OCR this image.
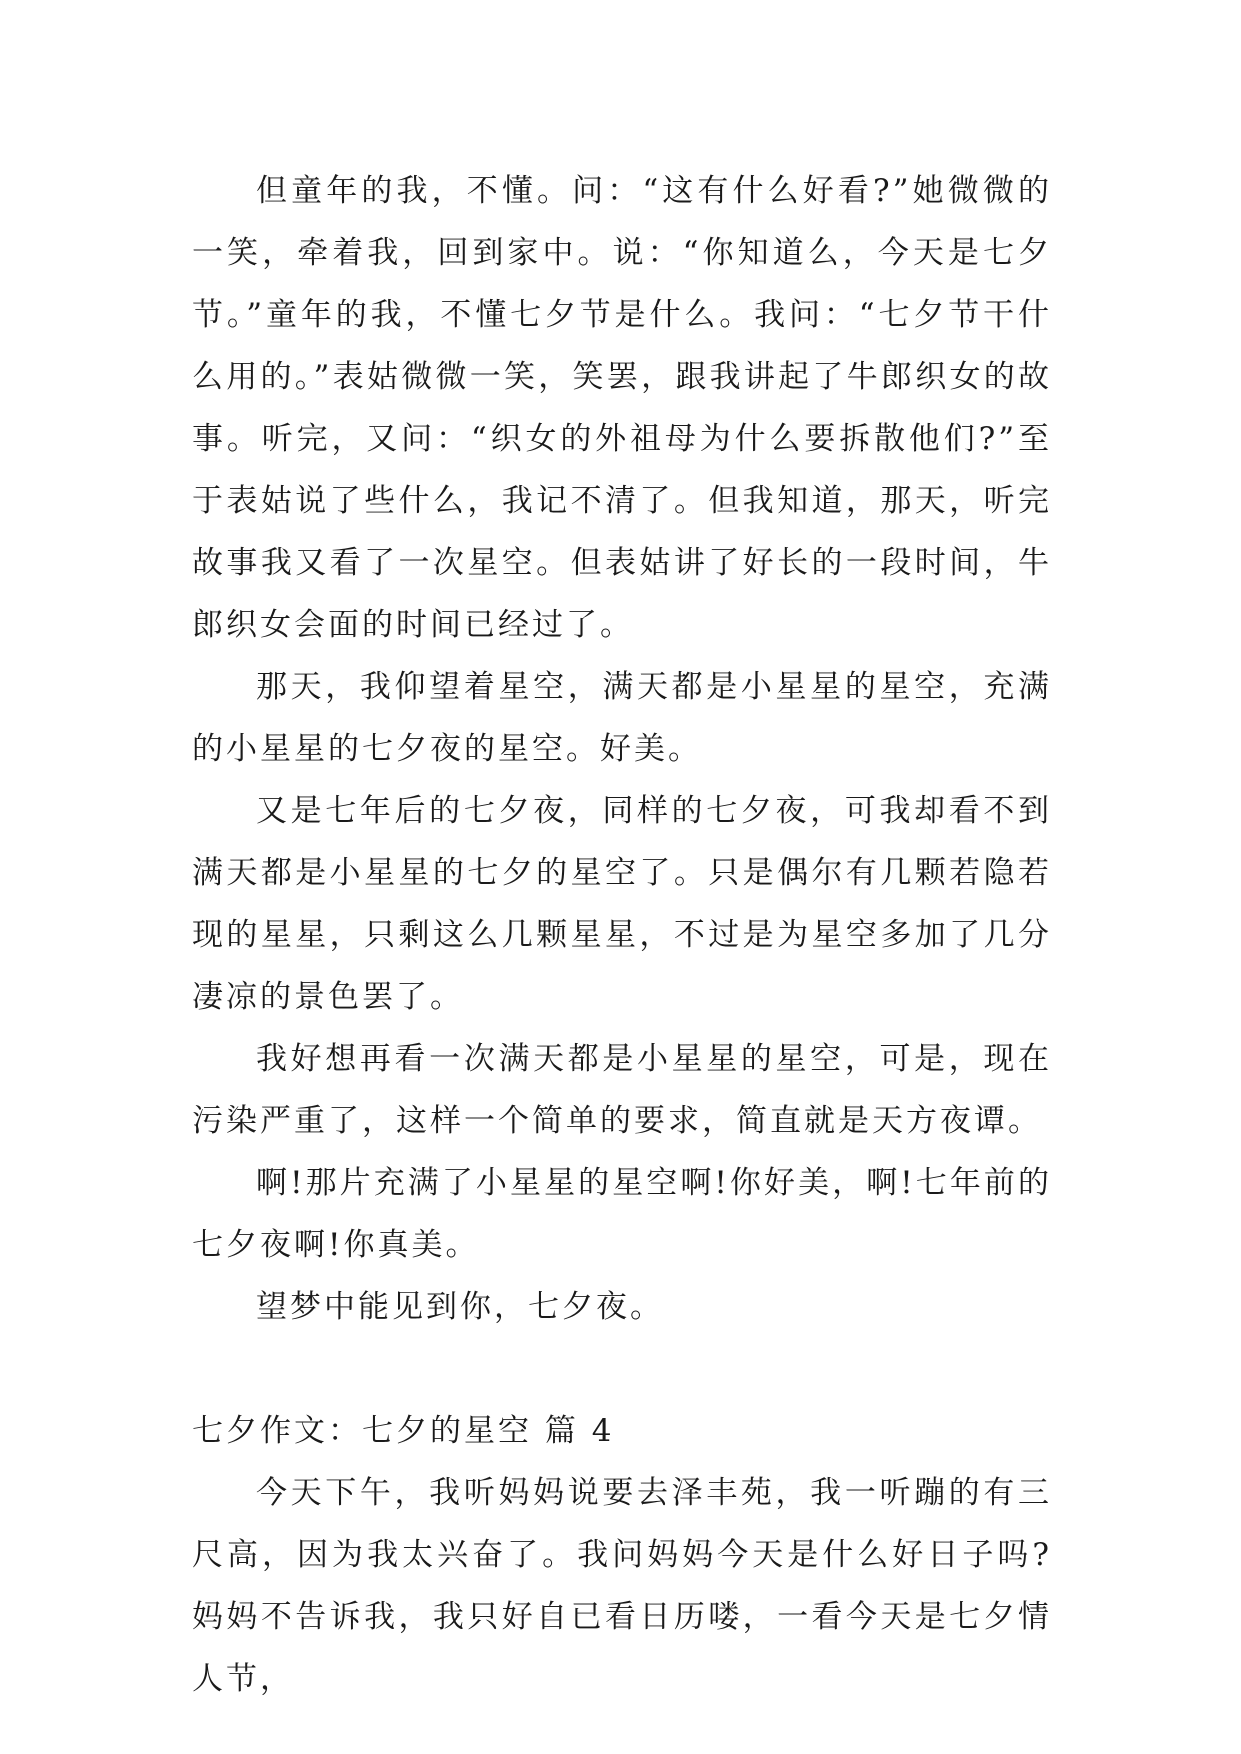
但童年的我，不懂。问：“这有什么好看?”她微微的一笑，牵着我，回到家中。说：“你知道么，今天是七夕节。”童年的我，不懂七夕节是什么。我问：“七夕节干什么用的。”表姑微微一笑，笑罢，跟我讲起了牛郎织女的故事。听完，又问：“织女的外祖母为什么要拆散他们?”至于表姑说了些什么，我记不清了。但我知道，那天，听完故事我又看了一次星空。但表姑讲了好长的一段时间，牛郎织女会面的时间已经过了。

那天，我仰望着星空，满天都是小星星的星空，充满的小星星的七夕夜的星空。好美。

又是七年后的七夕夜，同样的七夕夜，可我却看不到满天都是小星星的七夕的星空了。只是偶尔有几颗若隐若现的星星，只剩这么几颗星星，不过是为星空多加了几分凄凉的景色罢了。

我好想再看一次满天都是小星星的星空，可是，现在污染严重了，这样一个简单的要求，简直就是天方夜谭。

啊!那片充满了小星星的星空啊!你好美，啊!七年前的七夕夜啊!你真美。

望梦中能见到你，七夕夜。

七夕作文：七夕的星空 篇 4

今天下午，我听妈妈说要去泽丰苑，我一听蹦的有三尺高，因为我太兴奋了。我问妈妈今天是什么好日子吗?妈妈不告诉我，我只好自已看日历喽，一看今天是七夕情人节，
